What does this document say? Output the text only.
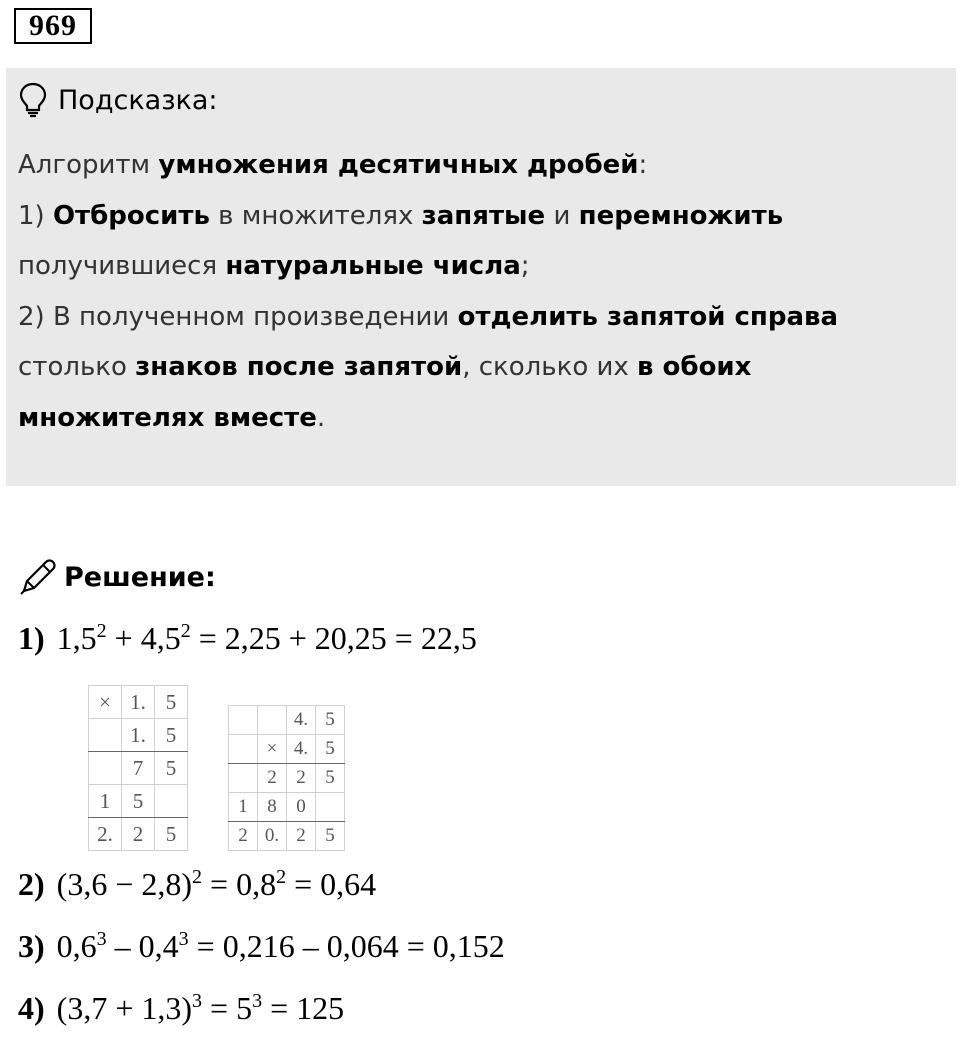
969
Подсказка:
Алгоритм умножения десятичных дробей:
1) Отбросить в множителях запятые и перемножить
получившиеся натуральные числа;
2) В полученном произведении отделить запятой справа
столько знаков после запятой, сколько их в обоих
множителях вместе.
Решение:
1) $1,5^2 + 4,5^2 = 2,25 + 20,25 = 22,5$
×	1.	5
	1.	5
	7	5
1	5	
2.	2	5
		4.	5
	×	4.	5
	2	2	5
1	8	0	
2	0.	2	5
2) $(3,6 - 2,8)^2 = 0,8^2 = 0,64$
3) $0,6^3 - 0,4^3 = 0,216 - 0,064 = 0,152$
4) $(3,7 + 1,3)^3 = 5^3 = 125$
